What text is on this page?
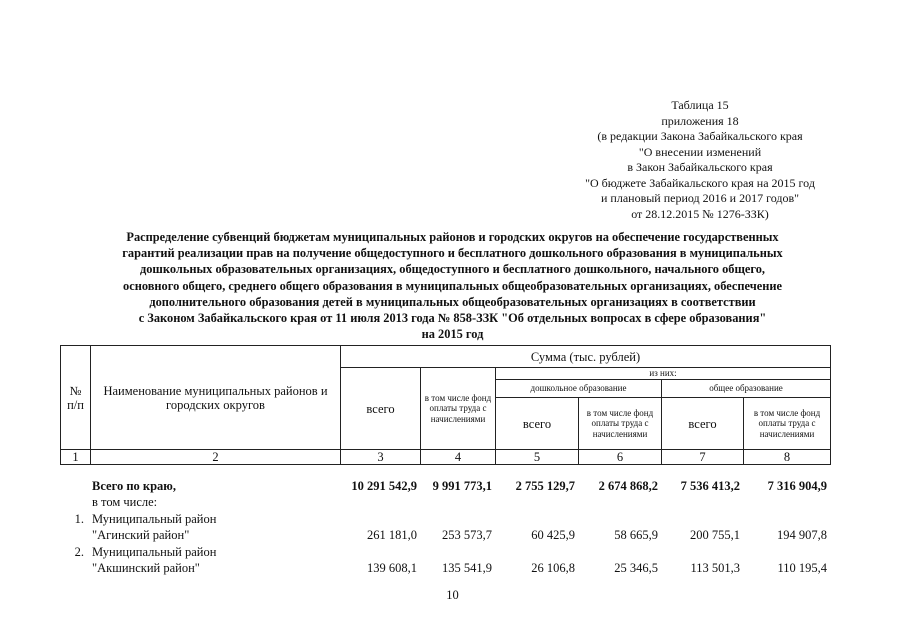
Таблица 15
приложения 18
(в редакции Закона Забайкальского края
"О внесении изменений
в Закон Забайкальского края
"О бюджете Забайкальского края на 2015 год
и плановый период 2016 и 2017 годов"
от 28.12.2015 № 1276-ЗЗК)
Распределение субвенций бюджетам муниципальных районов и городских округов на обеспечение государственных
гарантий реализации прав на получение общедоступного и бесплатного дошкольного образования в муниципальных
дошкольных образовательных организациях, общедоступного и бесплатного дошкольного, начального общего,
основного общего, среднего общего образования в муниципальных общеобразовательных организациях, обеспечение
дополнительного образования детей в муниципальных общеобразовательных организациях в соответствии
с Законом Забайкальского края от 11 июля 2013 года № 858-ЗЗК "Об отдельных вопросах в сфере образования"
на 2015 год
№ п/п	Наименование муниципальных районов и городских округов	Сумма (тыс. рублей)					
		всего	в том числе фонд оплаты труда с начислениями	из них:			
				дошкольное образование		общее образование	
				всего	в том числе фонд оплаты труда с начислениями	всего	в том числе фонд оплаты труда с начислениями
1	2	3	4	5	6	7	8
	Всего по краю,	10 291 542,9	9 991 773,1	2 755 129,7	2 674 868,2	7 536 413,2	7 316 904,9
	в том числе:						
1.	Муниципальный район						
	"Агинский район"	261 181,0	253 573,7	60 425,9	58 665,9	200 755,1	194 907,8
2.	Муниципальный район						
	"Акшинский район"	139 608,1	135 541,9	26 106,8	25 346,5	113 501,3	110 195,4
10
